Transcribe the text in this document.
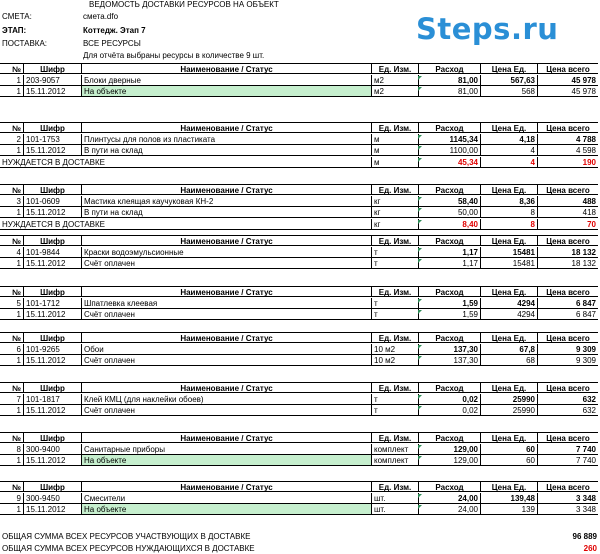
ВЕДОМОСТЬ ДОСТАВКИ РЕСУРСОВ НА ОБЪЕКТ
Steps.ru
СМЕТА:	смета.dfo
ЭТАП:	Коттедж. Этап 7
ПОСТАВКА:	ВСЕ РЕСУРСЫ
Для отчёта выбраны ресурсы в количестве 9 шт.
№	Шифр	Наименование / Статус	Ед. Изм.	Расход	Цена Ед.	Цена всего
1 203-9057	Блоки дверные	м2	81,00	567,63	45 978
1 15.11.2012	На объекте	м2	81,00	568	45 978
№	Шифр	Наименование / Статус	Ед. Изм.	Расход	Цена Ед.	Цена всего
2 101-1753	Плинтусы для полов из пластиката	м	1145,34	4,18	4 788
1 15.11.2012	В пути на склад	м	1100,00	4	4 598
НУЖДАЕТСЯ В ДОСТАВКЕ	м	45,34	4	190
№	Шифр	Наименование / Статус	Ед. Изм.	Расход	Цена Ед.	Цена всего
3 101-0609	Мастика клеящая каучуковая КН-2	кг	58,40	8,36	488
1 15.11.2012	В пути на склад	кг	50,00	8	418
НУЖДАЕТСЯ В ДОСТАВКЕ	кг	8,40	8	70
№	Шифр	Наименование / Статус	Ед. Изм.	Расход	Цена Ед.	Цена всего
4 101-9844	Краски водоэмульсионные	т	1,17	15481	18 132
1 15.11.2012	Счёт оплачен	т	1,17	15481	18 132
№	Шифр	Наименование / Статус	Ед. Изм.	Расход	Цена Ед.	Цена всего
5 101-1712	Шпатлевка клеевая	т	1,59	4294	6 847
1 15.11.2012	Счёт оплачен	т	1,59	4294	6 847
№	Шифр	Наименование / Статус	Ед. Изм.	Расход	Цена Ед.	Цена всего
6 101-9265	Обои	10 м2	137,30	67,8	9 309
1 15.11.2012	Счёт оплачен	10 м2	137,30	68	9 309
№	Шифр	Наименование / Статус	Ед. Изм.	Расход	Цена Ед.	Цена всего
7 101-1817	Клей КМЦ (для наклейки обоев)	т	0,02	25990	632
1 15.11.2012	Счёт оплачен	т	0,02	25990	632
№	Шифр	Наименование / Статус	Ед. Изм.	Расход	Цена Ед.	Цена всего
8 300-9400	Санитарные приборы	комплект	129,00	60	7 740
1 15.11.2012	На объекте	комплект	129,00	60	7 740
№	Шифр	Наименование / Статус	Ед. Изм.	Расход	Цена Ед.	Цена всего
9 300-9450	Смесители	шт.	24,00	139,48	3 348
1 15.11.2012	На объекте	шт.	24,00	139	3 348
ОБЩАЯ СУММА ВСЕХ РЕСУРСОВ УЧАСТВУЮЩИХ В ДОСТАВКЕ	96 889
ОБЩАЯ СУММА ВСЕХ РЕСУРСОВ НУЖДАЮЩИХСЯ В ДОСТАВКЕ	260
